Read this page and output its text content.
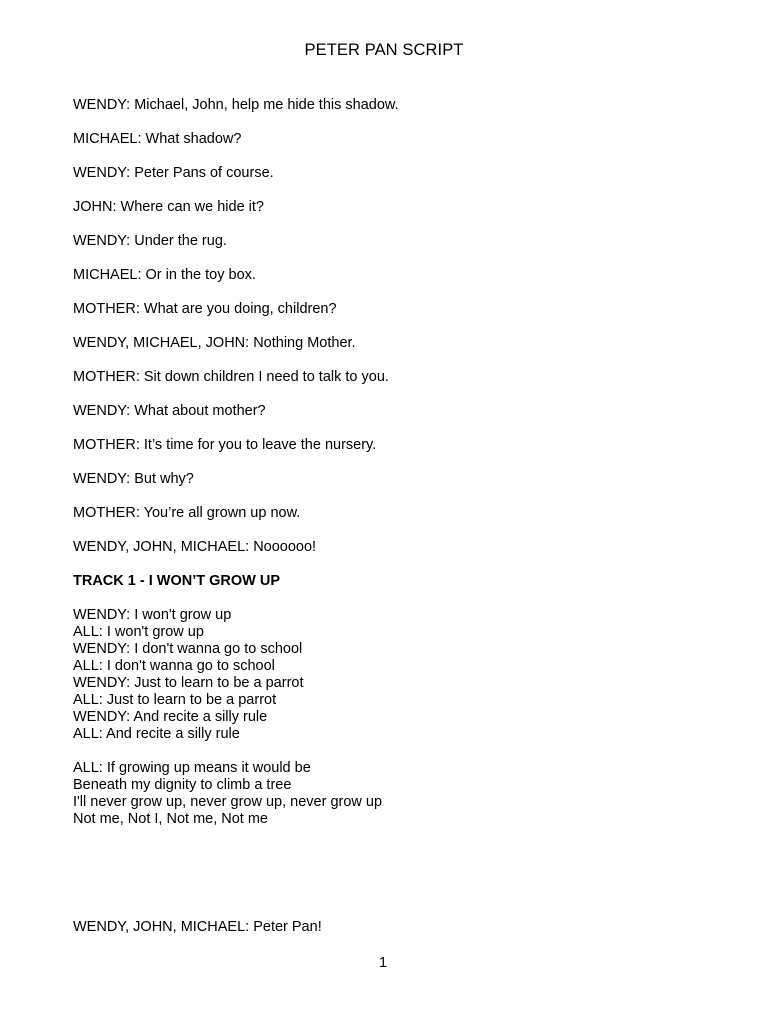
PETER PAN SCRIPT

WENDY: Michael, John, help me hide this shadow.

MICHAEL: What shadow?

WENDY: Peter Pans of course.

JOHN: Where can we hide it?

WENDY: Under the rug.

MICHAEL: Or in the toy box.

MOTHER: What are you doing, children?

WENDY, MICHAEL, JOHN: Nothing Mother.

MOTHER: Sit down children I need to talk to you.

WENDY: What about mother?

MOTHER: It’s time for you to leave the nursery.

WENDY: But why?

MOTHER: You’re all grown up now.

WENDY, JOHN, MICHAEL: Noooooo!

TRACK 1 - I WON’T GROW UP

WENDY: I won't grow up

ALL: I won't grow up

WENDY: I don't wanna go to school

ALL: I don't wanna go to school

WENDY: Just to learn to be a parrot

ALL: Just to learn to be a parrot

WENDY: And recite a silly rule

ALL: And recite a silly rule

ALL: If growing up means it would be

Beneath my dignity to climb a tree

I'll never grow up, never grow up, never grow up

Not me, Not I, Not me, Not me

WENDY, JOHN, MICHAEL: Peter Pan!
1
